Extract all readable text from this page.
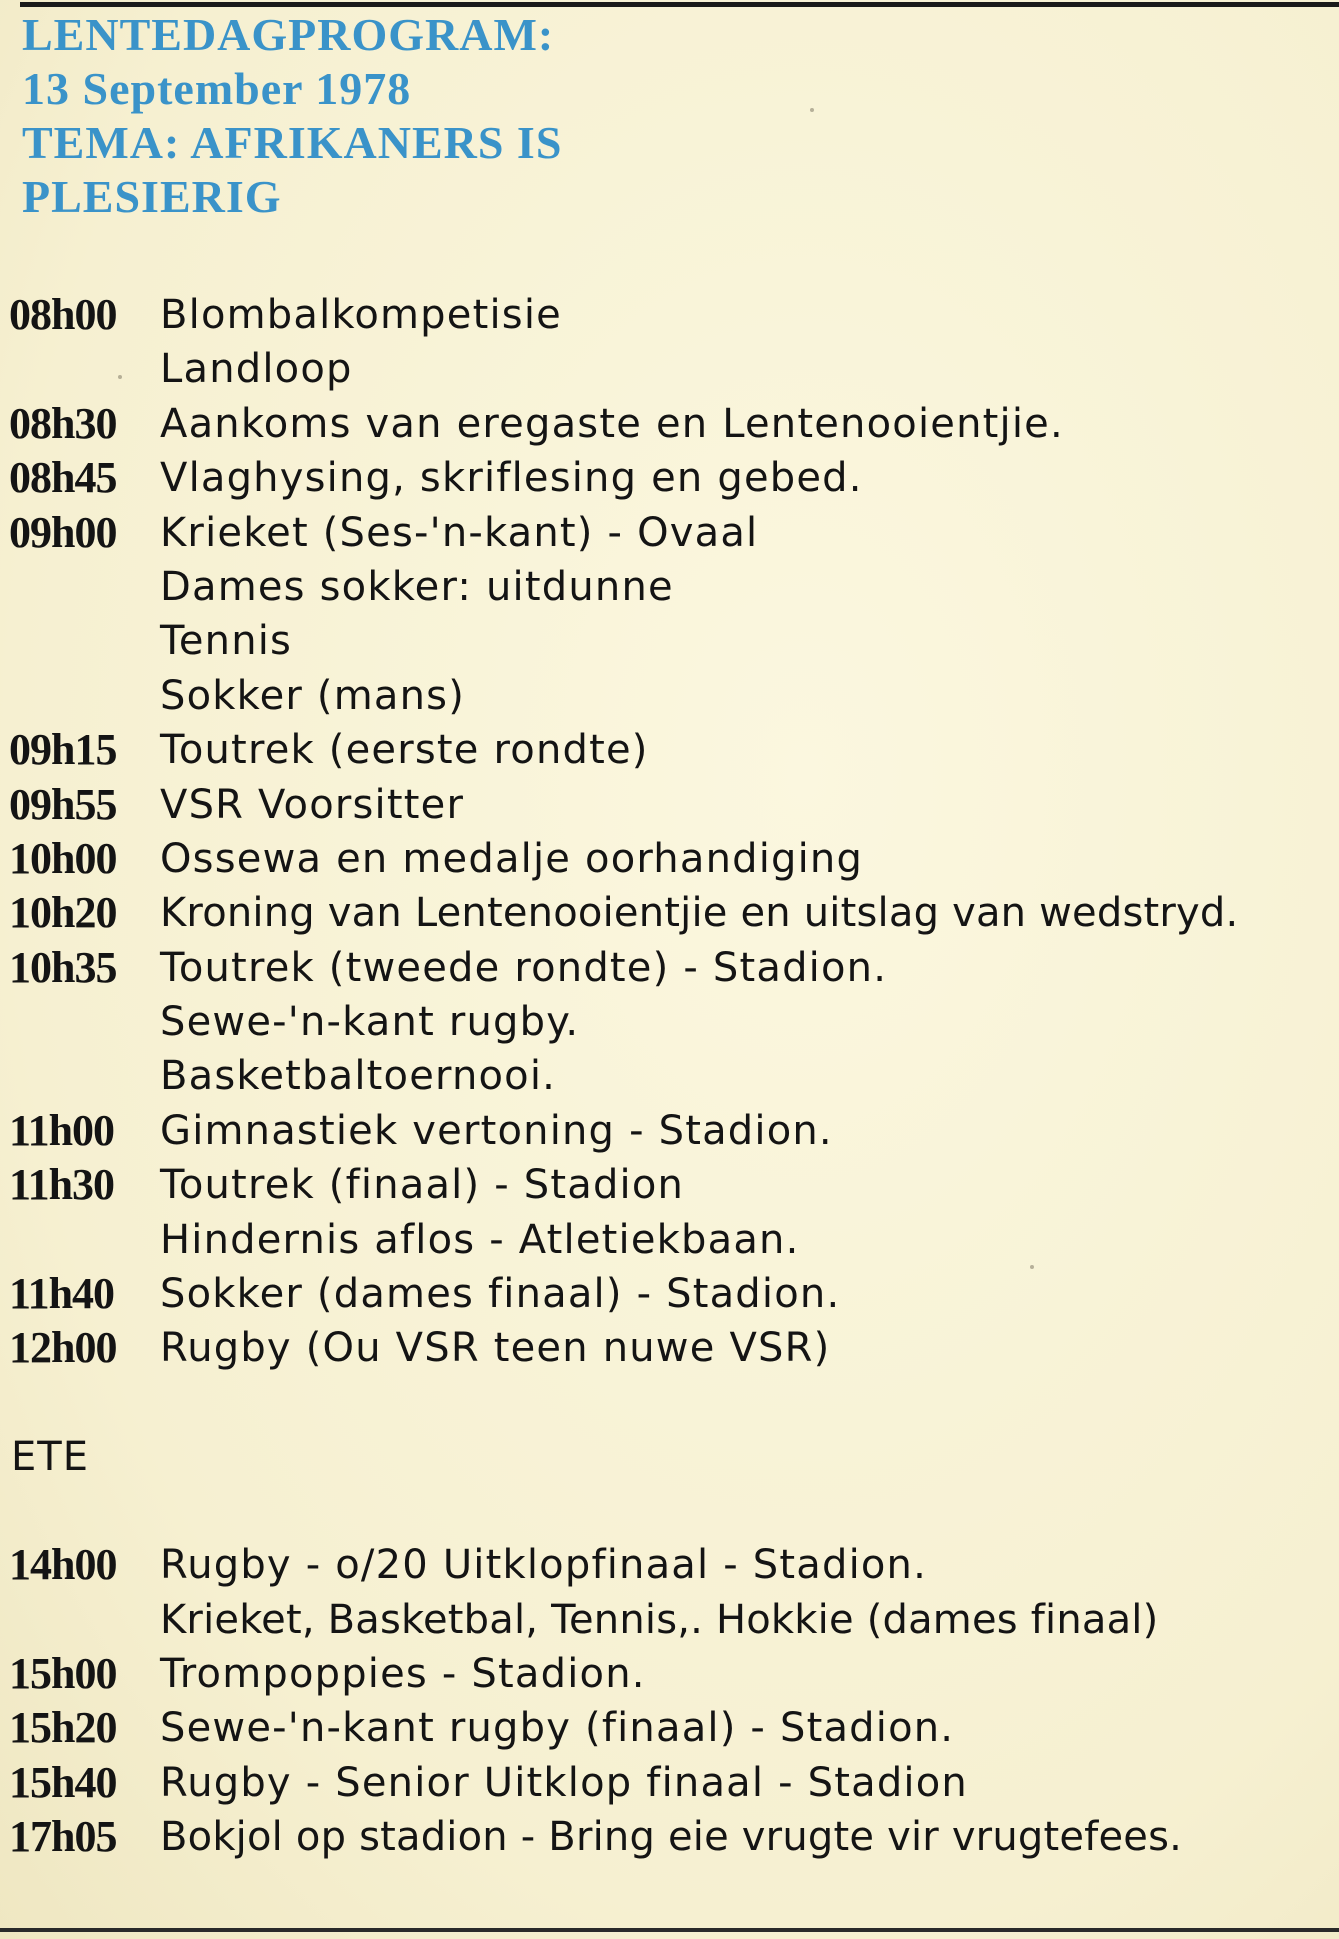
LENTEDAGPROGRAM:
13 September 1978
TEMA: AFRIKANERS IS
PLESIERIG
08h00	Blombalkompetisie
Landloop
08h30	Aankoms van eregaste en Lentenooientjie.
08h45	Vlaghysing, skriflesing en gebed.
09h00	Krieket (Ses-'n-kant) - Ovaal
Dames sokker: uitdunne
Tennis
Sokker (mans)
09h15	Toutrek (eerste rondte)
09h55	VSR Voorsitter
10h00	Ossewa en medalje oorhandiging
10h20	Kroning van Lentenooientjie en uitslag van wedstryd.
10h35	Toutrek (tweede rondte) - Stadion.
Sewe-'n-kant rugby.
Basketbaltoernooi.
11h00	Gimnastiek vertoning - Stadion.
11h30	Toutrek (finaal) - Stadion
Hindernis aflos - Atletiekbaan.
11h40	Sokker (dames finaal) - Stadion.
12h00	Rugby (Ou VSR teen nuwe VSR)
ETE
14h00	Rugby - o/20 Uitklopfinaal - Stadion.
Krieket, Basketbal, Tennis,. Hokkie (dames finaal)
15h00	Trompoppies - Stadion.
15h20	Sewe-'n-kant rugby (finaal) - Stadion.
15h40	Rugby - Senior Uitklop finaal - Stadion
17h05	Bokjol op stadion - Bring eie vrugte vir vrugtefees.
